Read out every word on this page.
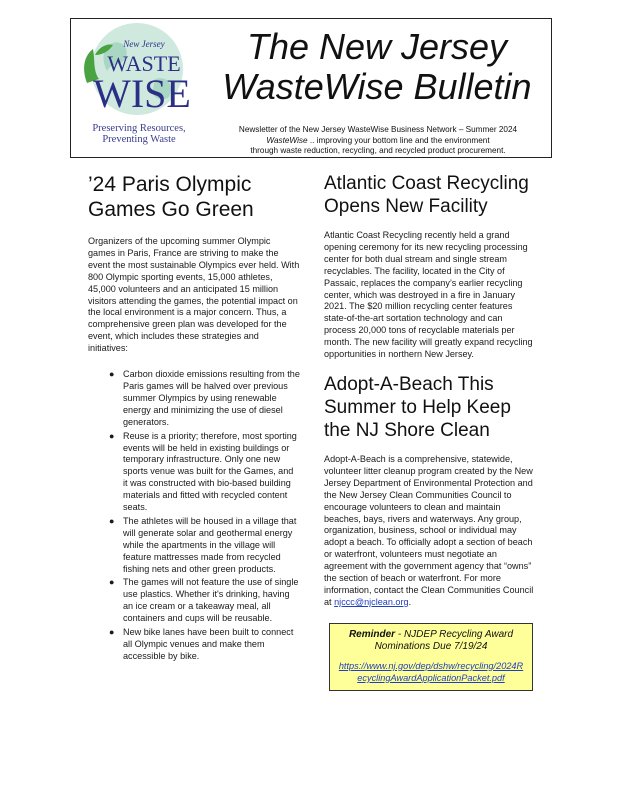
New Jersey
WASTE
WISE
Preserving Resources,
Preventing Waste
The New Jersey
WasteWise Bulletin
Newsletter of the New Jersey WasteWise Business Network – Summer 2024
WasteWise .. improving your bottom line and the environment
through waste reduction, recycling, and recycled product procurement.
’24 Paris Olympic Games Go Green

Organizers of the upcoming summer Olympic games in Paris, France are striving to make the event the most sustainable Olympics ever held. With 800 Olympic sporting events, 15,000 athletes, 45,000 volunteers and an anticipated 15 million visitors attending the games, the potential impact on the local environment is a major concern. Thus, a comprehensive green plan was developed for the event, which includes these strategies and initiatives:

● Carbon dioxide emissions resulting from the Paris games will be halved over previous summer Olympics by using renewable energy and minimizing the use of diesel generators.
● Reuse is a priority; therefore, most sporting events will be held in existing buildings or temporary infrastructure. Only one new sports venue was built for the Games, and it was constructed with bio-based building materials and fitted with recycled content seats.
● The athletes will be housed in a village that will generate solar and geothermal energy while the apartments in the village will feature mattresses made from recycled fishing nets and other green products.
● The games will not feature the use of single use plastics. Whether it's drinking, having an ice cream or a takeaway meal, all containers and cups will be reusable.
● New bike lanes have been built to connect all Olympic venues and make them accessible by bike.
Atlantic Coast Recycling Opens New Facility

Atlantic Coast Recycling recently held a grand opening ceremony for its new recycling processing center for both dual stream and single stream recyclables. The facility, located in the City of Passaic, replaces the company’s earlier recycling center, which was destroyed in a fire in January 2021. The $20 million recycling center features state-of-the-art sortation technology and can process 20,000 tons of recyclable materials per month. The new facility will greatly expand recycling opportunities in northern New Jersey.

Adopt-A-Beach This Summer to Help Keep the NJ Shore Clean

Adopt-A-Beach is a comprehensive, statewide, volunteer litter cleanup program created by the New Jersey Department of Environmental Protection and the New Jersey Clean Communities Council to encourage volunteers to clean and maintain beaches, bays, rivers and waterways. Any group, organization, business, school or individual may adopt a beach. To officially adopt a section of beach or waterfront, volunteers must negotiate an agreement with the government agency that “owns” the section of beach or waterfront. For more information, contact the Clean Communities Council at njccc@njclean.org.

Reminder - NJDEP Recycling Award Nominations Due 7/19/24
https://www.nj.gov/dep/dshw/recycling/2024RecyclingAwardApplicationPacket.pdf
